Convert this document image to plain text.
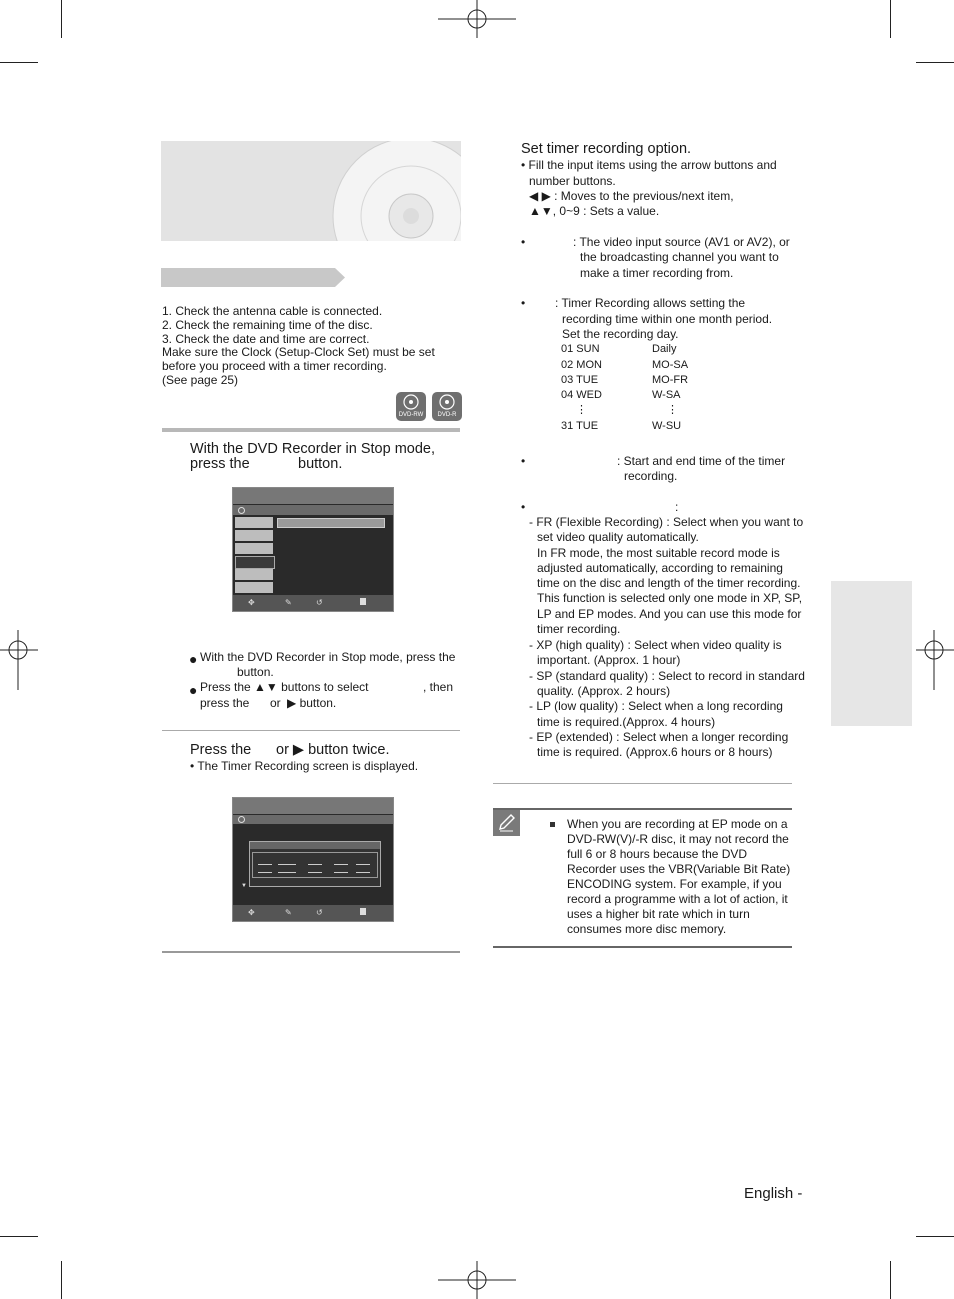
1. Check the antenna cable is connected.
2. Check the remaining time of the disc.
3. Check the date and time are correct.
Make sure the Clock (Setup-Clock Set) must be set
before you proceed with a timer recording.
(See page 25)
DVD-RW	DVD-R
With the DVD Recorder in Stop mode,
press the	button.
✥	✎	↺
● With the DVD Recorder in Stop mode, press the
button.
● Press the ▲▼ buttons to select	, then
press the or ▶ button.
Press the or ▶ button twice.
• The Timer Recording screen is displayed.
▼
✥	✎	↺
Set timer recording option.
• Fill the input items using the arrow buttons and
number buttons.
◀ ▶ : Moves to the previous/next item,
▲▼, 0~9 : Sets a value.
•	: The video input source (AV1 or AV2), or
the broadcasting channel you want to
make a timer recording from.
• : Timer Recording allows setting the
recording time within one month period.
Set the recording day.
01 SUN	Daily
02 MON	MO-SA
03 TUE	MO-FR
04 WED	W-SA
⋮	⋮
31 TUE	W-SU
•	: Start and end time of the timer
recording.
•	:
- FR (Flexible Recording) : Select when you want to
set video quality automatically.
In FR mode, the most suitable record mode is
adjusted automatically, according to remaining
time on the disc and length of the timer recording.
This function is selected only one mode in XP, SP,
LP and EP modes. And you can use this mode for
timer recording.
- XP (high quality) : Select when video quality is
important. (Approx. 1 hour)
- SP (standard quality) : Select to record in standard
quality. (Approx. 2 hours)
- LP (low quality) : Select when a long recording
time is required.(Approx. 4 hours)
- EP (extended) : Select when a longer recording
time is required. (Approx.6 hours or 8 hours)
When you are recording at EP mode on a
DVD-RW(V)/-R disc, it may not record the
full 6 or 8 hours because the DVD
Recorder uses the VBR(Variable Bit Rate)
ENCODING system. For example, if you
record a programme with a lot of action, it
uses a higher bit rate which in turn
consumes more disc memory.
English -
